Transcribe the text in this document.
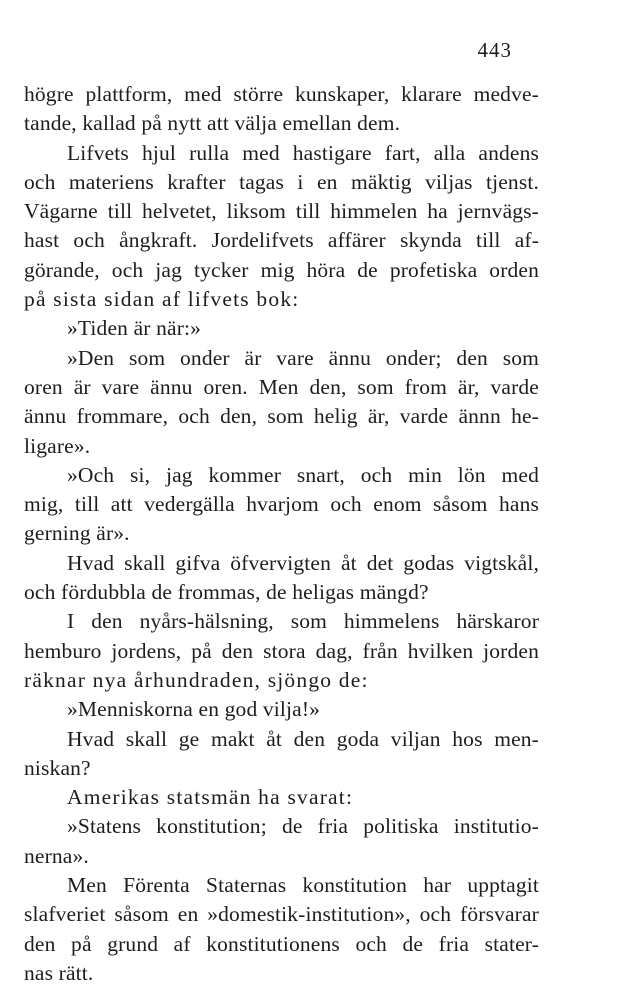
443
högre plattform, med större kunskaper, klarare medve-
tande, kallad på nytt att välja emellan dem.
Lifvets hjul rulla med hastigare fart, alla andens
och materiens krafter tagas i en mäktig viljas tjenst.
Vägarne till helvetet, liksom till himmelen ha jernvägs-
hast och ångkraft. Jordelifvets affärer skynda till af-
görande, och jag tycker mig höra de profetiska orden
på sista sidan af lifvets bok:
»Tiden är när:»
»Den som onder är vare ännu onder; den som
oren är vare ännu oren. Men den, som from är, varde
ännu frommare, och den, som helig är, varde ännn he-
ligare».
»Och si, jag kommer snart, och min lön med
mig, till att vedergälla hvarjom och enom såsom hans
gerning är».
Hvad skall gifva öfvervigten åt det godas vigtskål,
och fördubbla de frommas, de heligas mängd?
I den nyårs-hälsning, som himmelens härskaror
hemburo jordens, på den stora dag, från hvilken jorden
räknar nya århundraden, sjöngo de:
»Menniskorna en god vilja!»
Hvad skall ge makt åt den goda viljan hos men-
niskan?
Amerikas statsmän ha svarat:
»Statens konstitution; de fria politiska institutio-
nerna».
Men Förenta Staternas konstitution har upptagit
slafveriet såsom en »domestik-institution», och försvarar
den på grund af konstitutionens och de fria stater-
nas rätt.
